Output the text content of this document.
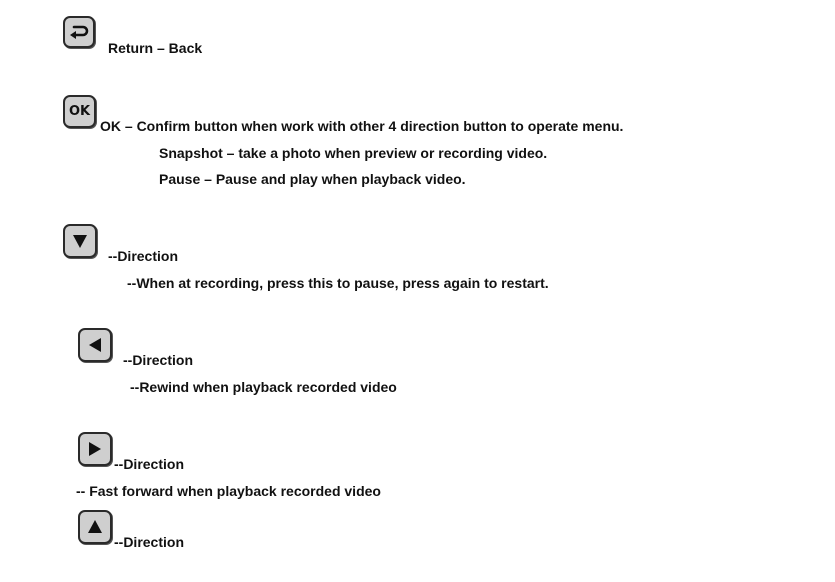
Return – Back
OK
OK – Confirm button when work with other 4 direction button to operate menu.
Snapshot – take a photo when preview or recording video.
Pause – Pause and play when playback video.
--Direction
--When at recording, press this to pause, press again to restart.
--Direction
--Rewind when playback recorded video
--Direction
-- Fast forward when playback recorded video
--Direction
